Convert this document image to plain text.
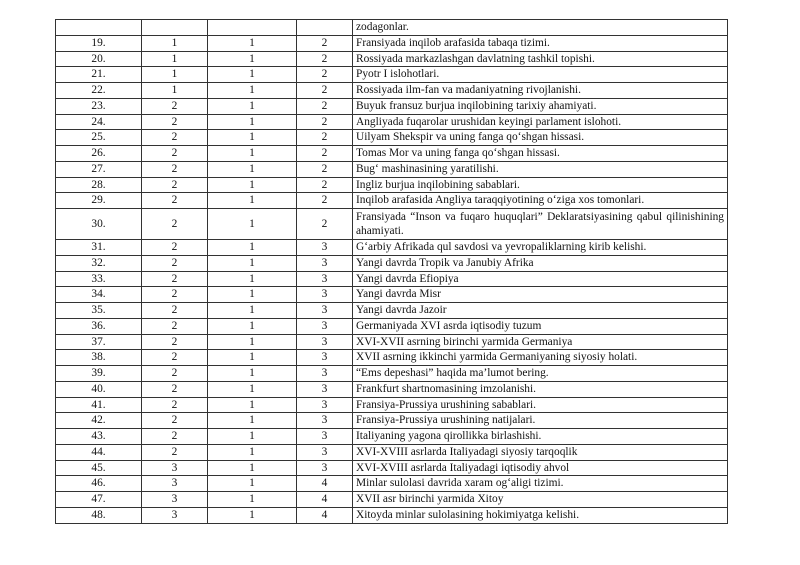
				zodagonlar.
19.	1	1	2	Fransiyada inqilob arafasida tabaqa tizimi.
20.	1	1	2	Rossiyada markazlashgan davlatning tashkil topishi.
21.	1	1	2	Pyotr I islohotlari.
22.	1	1	2	Rossiyada ilm-fan va madaniyatning rivojlanishi.
23.	2	1	2	Buyuk fransuz burjua inqilobining tarixiy ahamiyati.
24.	2	1	2	Angliyada fuqarolar urushidan keyingi parlament islohoti.
25.	2	1	2	Uilyam Shekspir va uning fanga qo‘shgan hissasi.
26.	2	1	2	Tomas Mor va uning fanga qo‘shgan hissasi.
27.	2	1	2	Bug‘ mashinasining yaratilishi.
28.	2	1	2	Ingliz burjua inqilobining sabablari.
29.	2	1	2	Inqilob arafasida Angliya taraqqiyotining o‘ziga xos tomonlari.
30.	2	1	2	Fransiyada “Inson va fuqaro huquqlari” Deklaratsiyasining qabul qilinishining ahamiyati.
31.	2	1	3	G‘arbiy Afrikada qul savdosi va yevropaliklarning kirib kelishi.
32.	2	1	3	Yangi davrda Tropik va Janubiy Afrika
33.	2	1	3	Yangi davrda Efiopiya
34.	2	1	3	Yangi davrda Misr
35.	2	1	3	Yangi davrda Jazoir
36.	2	1	3	Germaniyada XVI asrda iqtisodiy tuzum
37.	2	1	3	XVI-XVII asrning birinchi yarmida Germaniya
38.	2	1	3	XVII asrning ikkinchi yarmida Germaniyaning siyosiy holati.
39.	2	1	3	“Ems depeshasi” haqida ma’lumot bering.
40.	2	1	3	Frankfurt shartnomasining imzolanishi.
41.	2	1	3	Fransiya-Prussiya urushining sabablari.
42.	2	1	3	Fransiya-Prussiya urushining natijalari.
43.	2	1	3	Italiyaning yagona qirollikka birlashishi.
44.	2	1	3	XVI-XVIII asrlarda Italiyadagi siyosiy tarqoqlik
45.	3	1	3	XVI-XVIII asrlarda Italiyadagi iqtisodiy ahvol
46.	3	1	4	Minlar sulolasi davrida xaram og‘aligi tizimi.
47.	3	1	4	XVII asr birinchi yarmida Xitoy
48.	3	1	4	Xitoyda minlar sulolasining hokimiyatga kelishi.
